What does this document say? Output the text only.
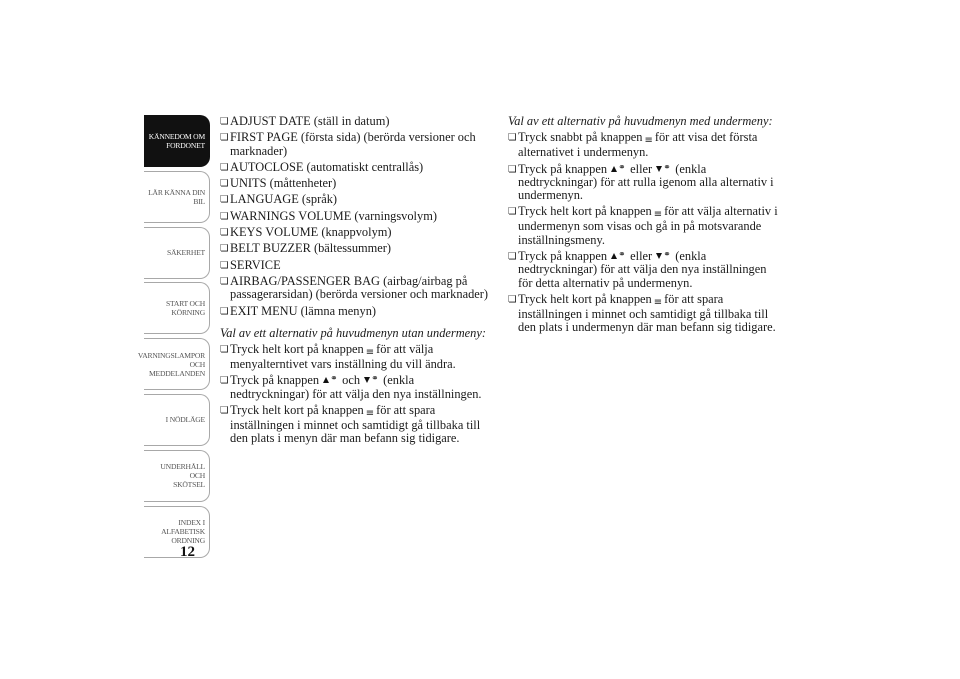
KÄNNEDOM OM
FORDONET
LÄR KÄNNA DIN
BIL
SÄKERHET
START OCH
KÖRNING
VARNINGSLAMPOR
OCH
MEDDELANDEN
I NÖDLÄGE
UNDERHÅLL OCH
SKÖTSEL
INDEX I
ALFABETISK
ORDNING
12
❏ ADJUST DATE (ställ in datum)
❏ FIRST PAGE (första sida) (berörda versioner och marknader)
❏ AUTOCLOSE (automatiskt centrallås)
❏ UNITS (måttenheter)
❏ LANGUAGE (språk)
❏ WARNINGS VOLUME (varningsvolym)
❏ KEYS VOLUME (knappvolym)
❏ BELT BUZZER (bältessummer)
❏ SERVICE
❏ AIRBAG/PASSENGER BAG (airbag/airbag på passagerarsidan) (berörda versioner och marknader)
❏ EXIT MENU (lämna menyn)
Val av ett alternativ på huvudmenyn utan undermeny:
❏ Tryck helt kort på knappen ≡ för att välja menyalterntivet vars inställning du vill ändra.
❏ Tryck på knappen ⚭ och ⚭ (enkla nedtryckningar) för att välja den nya inställningen.
❏ Tryck helt kort på knappen ≡ för att spara inställningen i minnet och samtidigt gå tillbaka till den plats i menyn där man befann sig tidigare.
Val av ett alternativ på huvudmenyn med undermeny:
❏ Tryck snabbt på knappen ≡ för att visa det första alternativet i undermenyn.
❏ Tryck på knappen ⚭ eller ⚭ (enkla nedtryckningar) för att rulla igenom alla alternativ i undermenyn.
❏ Tryck helt kort på knappen ≡ för att välja alternativ i undermenyn som visas och gå in på motsvarande inställningsmeny.
❏ Tryck på knappen ⚭ eller ⚭ (enkla nedtryckningar) för att välja den nya inställningen för detta alternativ på undermenyn.
❏ Tryck helt kort på knappen ≡ för att spara inställningen i minnet och samtidigt gå tillbaka till den plats i undermenyn där man befann sig tidigare.
